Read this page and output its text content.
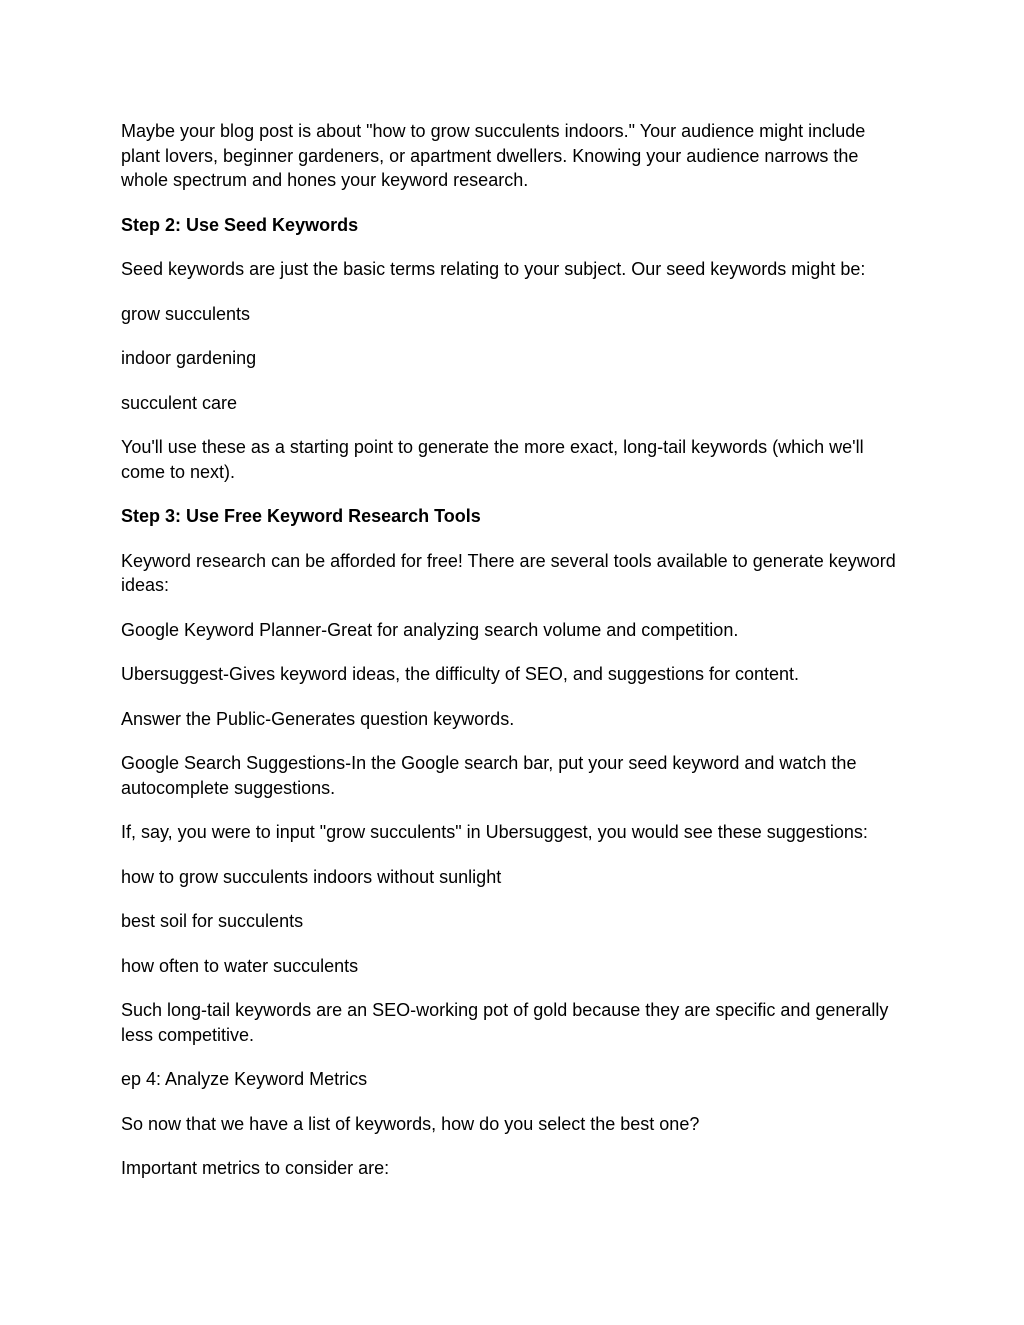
Maybe your blog post is about "how to grow succulents indoors." Your audience might include plant lovers, beginner gardeners, or apartment dwellers. Knowing your audience narrows the whole spectrum and hones your keyword research.

Step 2: Use Seed Keywords

Seed keywords are just the basic terms relating to your subject. Our seed keywords might be:

grow succulents

indoor gardening

succulent care

You'll use these as a starting point to generate the more exact, long-tail keywords (which we'll come to next).

Step 3: Use Free Keyword Research Tools

Keyword research can be afforded for free! There are several tools available to generate keyword ideas:

Google Keyword Planner-Great for analyzing search volume and competition.

Ubersuggest-Gives keyword ideas, the difficulty of SEO, and suggestions for content.

Answer the Public-Generates question keywords.

Google Search Suggestions-In the Google search bar, put your seed keyword and watch the autocomplete suggestions.

If, say, you were to input "grow succulents" in Ubersuggest, you would see these suggestions:

how to grow succulents indoors without sunlight

best soil for succulents

how often to water succulents

Such long-tail keywords are an SEO-working pot of gold because they are specific and generally less competitive.

ep 4: Analyze Keyword Metrics

So now that we have a list of keywords, how do you select the best one?

Important metrics to consider are:
